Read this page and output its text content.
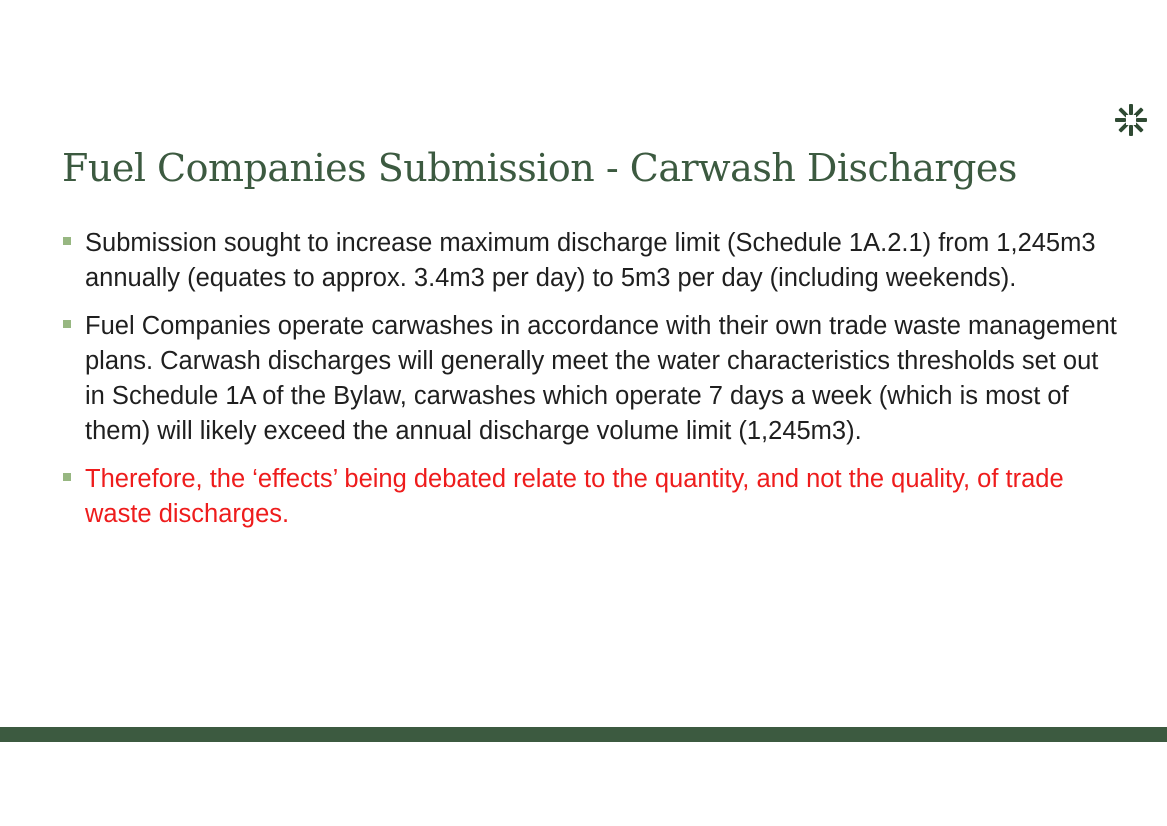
Fuel Companies Submission - Carwash Discharges
Submission sought to increase maximum discharge limit (Schedule 1A.2.1) from 1,245m3 annually (equates to approx. 3.4m3 per day) to 5m3 per day (including weekends).
Fuel Companies operate carwashes in accordance with their own trade waste management plans. Carwash discharges will generally meet the water characteristics thresholds set out in Schedule 1A of the Bylaw, carwashes which operate 7 days a week (which is most of them) will likely exceed the annual discharge volume limit (1,245m3).
Therefore, the ‘effects’ being debated relate to the quantity, and not the quality, of trade waste discharges.
